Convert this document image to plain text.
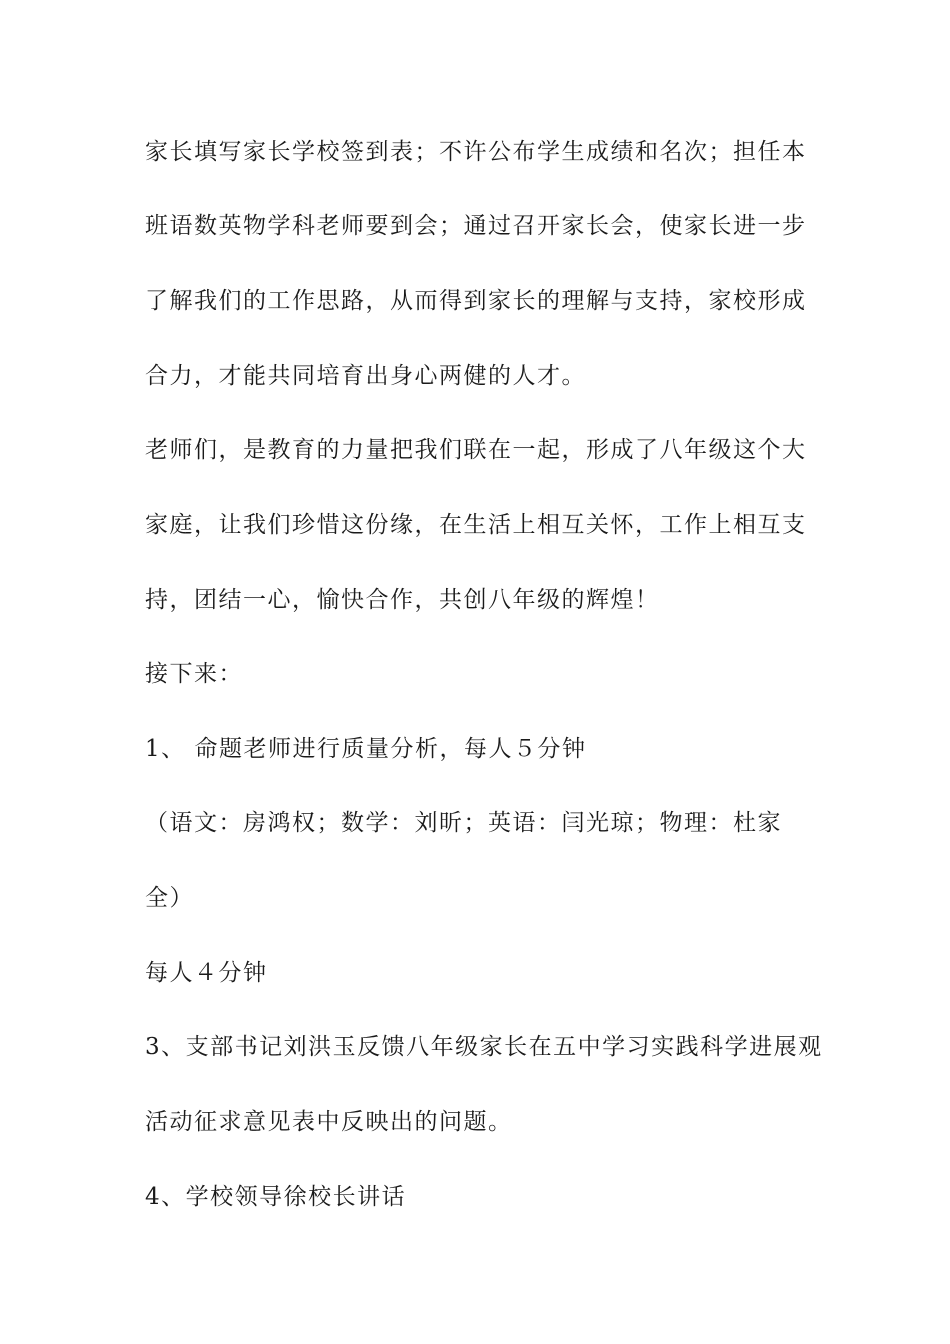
家长填写家长学校签到表；不许公布学生成绩和名次；担任本
班语数英物学科老师要到会；通过召开家长会，使家长进一步
了解我们的工作思路，从而得到家长的理解与支持，家校形成
合力，才能共同培育出身心两健的人才。
老师们，是教育的力量把我们联在一起，形成了八年级这个大
家庭，让我们珍惜这份缘，在生活上相互关怀，工作上相互支
持，团结一心，愉快合作，共创八年级的辉煌！
接下来：
1、 命题老师进行质量分析，每人５分钟
（语文：房鸿权；数学：刘昕；英语：闫光琼；物理：杜家
全）
每人４分钟
3、支部书记刘洪玉反馈八年级家长在五中学习实践科学进展观
活动征求意见表中反映出的问题。
4、学校领导徐校长讲话
